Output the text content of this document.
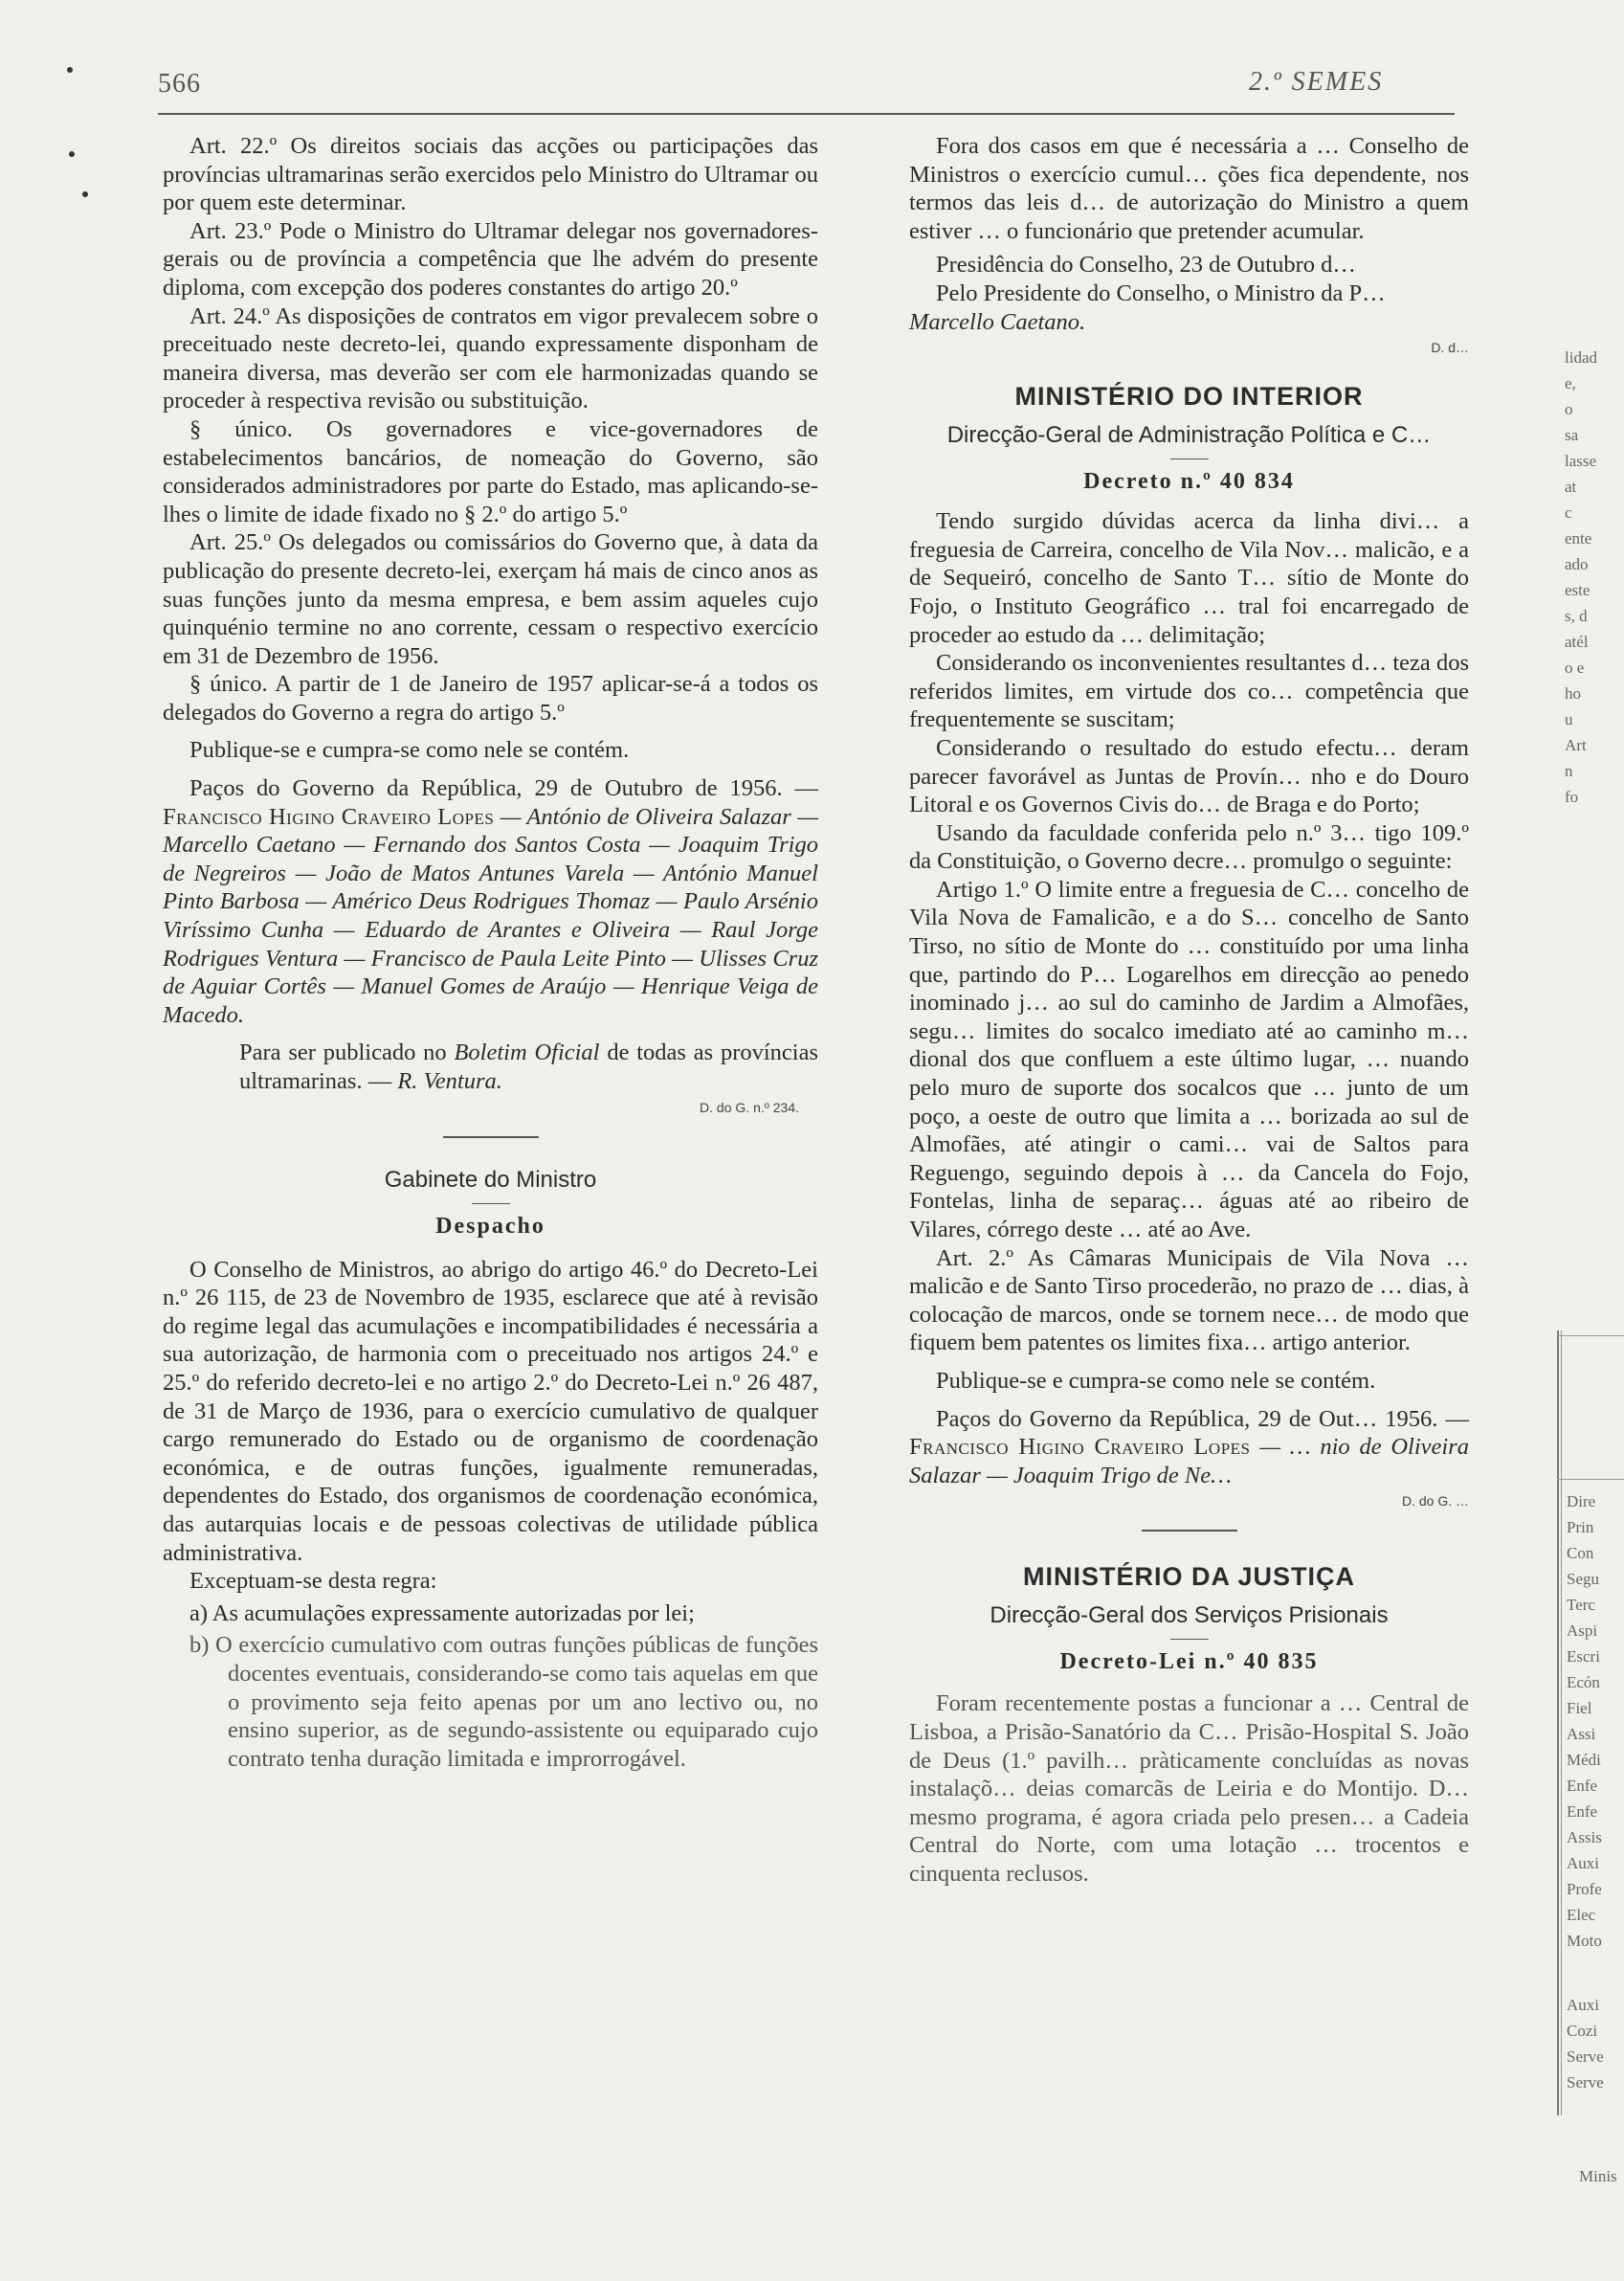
566	2.º SEMES

Art. 22.º Os direitos sociais das acções ou participações das províncias ultramarinas serão exercidos pelo Ministro do Ultramar ou por quem este determinar.

Art. 23.º Pode o Ministro do Ultramar delegar nos governadores-gerais ou de província a competência que lhe advém do presente diploma, com excepção dos poderes constantes do artigo 20.º

Art. 24.º As disposições de contratos em vigor prevalecem sobre o preceituado neste decreto-lei, quando expressamente disponham de maneira diversa, mas deverão ser com ele harmonizadas quando se proceder à respectiva revisão ou substituição.

§ único. Os governadores e vice-governadores de estabelecimentos bancários, de nomeação do Governo, são considerados administradores por parte do Estado, mas aplicando-se-lhes o limite de idade fixado no § 2.º do artigo 5.º

Art. 25.º Os delegados ou comissários do Governo que, à data da publicação do presente decreto-lei, exerçam há mais de cinco anos as suas funções junto da mesma empresa, e bem assim aqueles cujo quinquénio termine no ano corrente, cessam o respectivo exercício em 31 de Dezembro de 1956.

§ único. A partir de 1 de Janeiro de 1957 aplicar-se-á a todos os delegados do Governo a regra do artigo 5.º

Publique-se e cumpra-se como nele se contém.

Paços do Governo da República, 29 de Outubro de 1956. — Francisco Higino Craveiro Lopes — António de Oliveira Salazar — Marcello Caetano — Fernando dos Santos Costa — Joaquim Trigo de Negreiros — João de Matos Antunes Varela — António Manuel Pinto Barbosa — Américo Deus Rodrigues Thomaz — Paulo Arsénio Viríssimo Cunha — Eduardo de Arantes e Oliveira — Raul Jorge Rodrigues Ventura — Francisco de Paula Leite Pinto — Ulisses Cruz de Aguiar Cortês — Manuel Gomes de Araújo — Henrique Veiga de Macedo.

Para ser publicado no Boletim Oficial de todas as províncias ultramarinas. — R. Ventura.

D. do G. n.º 234.

Gabinete do Ministro

Despacho

O Conselho de Ministros, ao abrigo do artigo 46.º do Decreto-Lei n.º 26 115, de 23 de Novembro de 1935, esclarece que até à revisão do regime legal das acumulações e incompatibilidades é necessária a sua autorização, de harmonia com o preceituado nos artigos 24.º e 25.º do referido decreto-lei e no artigo 2.º do Decreto-Lei n.º 26 487, de 31 de Março de 1936, para o exercício cumulativo de qualquer cargo remunerado do Estado ou de organismo de coordenação económica, e de outras funções, igualmente remuneradas, dependentes do Estado, dos organismos de coordenação económica, das autarquias locais e de pessoas colectivas de utilidade pública administrativa.

Exceptuam-se desta regra:

a) As acumulações expressamente autorizadas por lei;

b) O exercício cumulativo com outras funções públicas de funções docentes eventuais, considerando-se como tais aquelas em que o provimento seja feito apenas por um ano lectivo ou, no ensino superior, as de segundo-assistente ou equiparado cujo contrato tenha duração limitada e improrrogável.

Fora dos casos em que é necessária a … Conselho de Ministros o exercício cumul… ções fica dependente, nos termos das leis d… de autorização do Ministro a quem estiver … o funcionário que pretender acumular.

Presidência do Conselho, 23 de Outubro d…

Pelo Presidente do Conselho, o Ministro da P…

Marcello Caetano.

D. d…

MINISTÉRIO DO INTERIOR

Direcção-Geral de Administração Política e C…

Decreto n.º 40 834

Tendo surgido dúvidas acerca da linha divi… a freguesia de Carreira, concelho de Vila Nov… malicão, e a de Sequeiró, concelho de Santo T… sítio de Monte do Fojo, o Instituto Geográfico … tral foi encarregado de proceder ao estudo da … delimitação;

Considerando os inconvenientes resultantes d… teza dos referidos limites, em virtude dos co… competência que frequentemente se suscitam;

Considerando o resultado do estudo efectu… deram parecer favorável as Juntas de Provín… nho e do Douro Litoral e os Governos Civis do… de Braga e do Porto;

Usando da faculdade conferida pelo n.º 3… tigo 109.º da Constituição, o Governo decre… promulgo o seguinte:

Artigo 1.º O limite entre a freguesia de C… concelho de Vila Nova de Famalicão, e a do S… concelho de Santo Tirso, no sítio de Monte do … constituído por uma linha que, partindo do P… Logarelhos em direcção ao penedo inominado j… ao sul do caminho de Jardim a Almofães, segu… limites do socalco imediato até ao caminho m… dional dos que confluem a este último lugar, … nuando pelo muro de suporte dos socalcos que … junto de um poço, a oeste de outro que limita a … borizada ao sul de Almofães, até atingir o cami… vai de Saltos para Reguengo, seguindo depois à … da Cancela do Fojo, Fontelas, linha de separaç… águas até ao ribeiro de Vilares, córrego deste … até ao Ave.

Art. 2.º As Câmaras Municipais de Vila Nova … malicão e de Santo Tirso procederão, no prazo de … dias, à colocação de marcos, onde se tornem nece… de modo que fiquem bem patentes os limites fixa… artigo anterior.

Publique-se e cumpra-se como nele se contém.

Paços do Governo da República, 29 de Out… 1956. — Francisco Higino Craveiro Lopes — … nio de Oliveira Salazar — Joaquim Trigo de Ne…

D. do G. …

MINISTÉRIO DA JUSTIÇA

Direcção-Geral dos Serviços Prisionais

Decreto-Lei n.º 40 835

Foram recentemente postas a funcionar a … Central de Lisboa, a Prisão-Sanatório da C… Prisão-Hospital S. João de Deus (1.º pavilh… pràticamente concluídas as novas instalaçõ… deias comarcãs de Leiria e do Montijo. D… mesmo programa, é agora criada pelo presen… a Cadeia Central do Norte, com uma lotação … trocentos e cinquenta reclusos.

lidad
e,
o
sa
lasse
at
c
ente
ado
este
s, d
atél
o e
ho
u
Art
n
fo
Dire
Prin
Con
Segu
Terc
Aspi
Escri
Ecón
Fiel
Assi
Médi
Enfe
Enfe
Assis
Auxi
Profe
Elec
Moto
Auxi
Cozi
Serve
Serve
Minis
